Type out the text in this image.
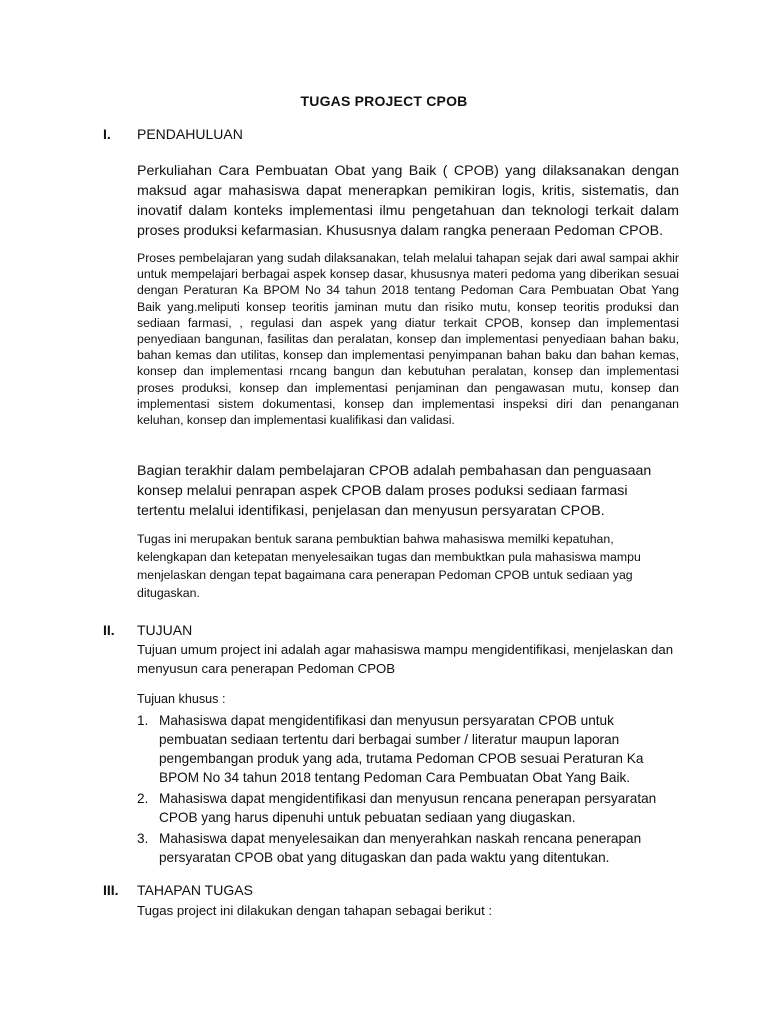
TUGAS PROJECT CPOB
I. PENDAHULUAN

Perkuliahan Cara Pembuatan Obat yang Baik ( CPOB) yang dilaksanakan dengan maksud agar mahasiswa dapat menerapkan pemikiran logis, kritis, sistematis, dan inovatif dalam konteks implementasi ilmu pengetahuan dan teknologi terkait dalam proses produksi kefarmasian. Khususnya dalam rangka peneraan Pedoman CPOB.

Proses pembelajaran yang sudah dilaksanakan, telah melalui tahapan sejak dari awal sampai akhir untuk mempelajari berbagai aspek konsep dasar, khususnya materi pedoma yang diberikan sesuai dengan Peraturan Ka BPOM No 34 tahun 2018 tentang Pedoman Cara Pembuatan Obat Yang Baik yang.meliputi konsep teoritis jaminan mutu dan risiko mutu, konsep teoritis produksi dan sediaan farmasi, , regulasi dan aspek yang diatur terkait CPOB, konsep dan implementasi penyediaan bangunan, fasilitas dan peralatan, konsep dan implementasi penyediaan bahan baku, bahan kemas dan utilitas, konsep dan implementasi penyimpanan bahan baku dan bahan kemas, konsep dan implementasi rncang bangun dan kebutuhan peralatan, konsep dan implementasi proses produksi, konsep dan implementasi penjaminan dan pengawasan mutu, konsep dan implementasi sistem dokumentasi, konsep dan implementasi inspeksi diri dan penanganan keluhan, konsep dan implementasi kualifikasi dan validasi.

Bagian terakhir dalam pembelajaran CPOB adalah pembahasan dan penguasaan konsep melalui penrapan aspek CPOB dalam proses poduksi sediaan farmasi tertentu melalui identifikasi, penjelasan dan menyusun persyaratan CPOB.

Tugas ini merupakan bentuk sarana pembuktian bahwa mahasiswa memilki kepatuhan, kelengkapan dan ketepatan menyelesaikan tugas dan membuktkan pula mahasiswa mampu menjelaskan dengan tepat bagaimana cara penerapan Pedoman CPOB untuk sediaan yag ditugaskan.

II. TUJUAN

Tujuan umum project ini adalah agar mahasiswa mampu mengidentifikasi, menjelaskan dan menyusun cara penerapan Pedoman CPOB

Tujuan khusus :
1. Mahasiswa dapat mengidentifikasi dan menyusun persyaratan CPOB untuk pembuatan sediaan tertentu dari berbagai sumber / literatur maupun laporan pengembangan produk yang ada, trutama Pedoman CPOB sesuai Peraturan Ka BPOM No 34 tahun 2018 tentang Pedoman Cara Pembuatan Obat Yang Baik.
2. Mahasiswa dapat mengidentifikasi dan menyusun rencana penerapan persyaratan CPOB yang harus dipenuhi untuk pebuatan sediaan yang diugaskan.
3. Mahasiswa dapat menyelesaikan dan menyerahkan naskah rencana penerapan persyaratan CPOB obat yang ditugaskan dan pada waktu yang ditentukan.
III. TAHAPAN TUGAS

Tugas project ini dilakukan dengan tahapan sebagai berikut :
